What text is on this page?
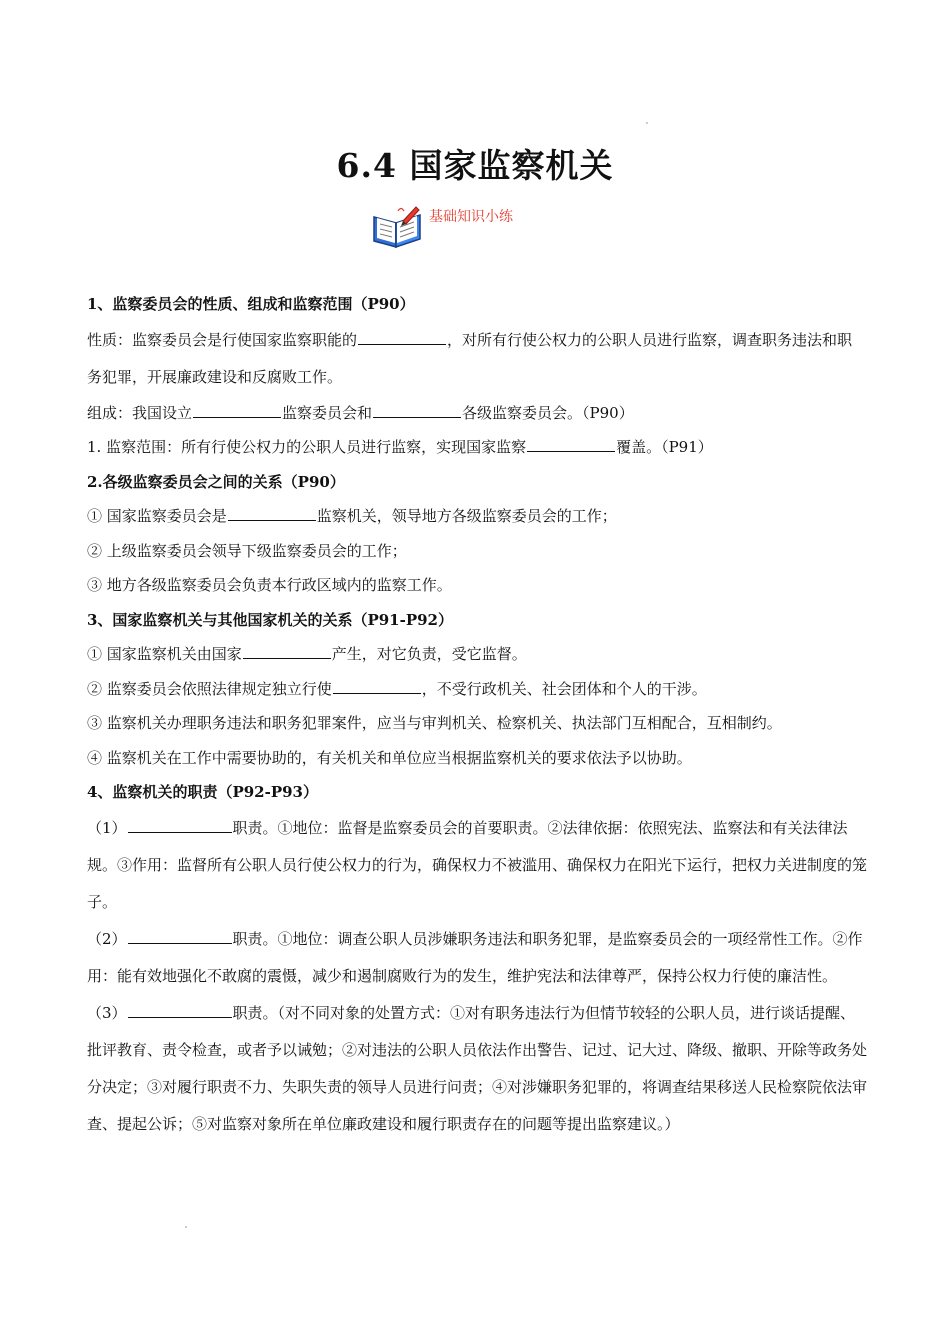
6.4 国家监察机关
基础知识小练
1、监察委员会的性质、组成和监察范围（P90）
性质：监察委员会是行使国家监察职能的	，对所有行使公权力的公职人员进行监察，调查职务违法和职务犯罪，开展廉政建设和反腐败工作。
组成：我国设立	监察委员会和	各级监察委员会。（P90）
1. 监察范围：所有行使公权力的公职人员进行监察，实现国家监察	覆盖。（P91）
2.各级监察委员会之间的关系（P90）
① 国家监察委员会是	监察机关，领导地方各级监察委员会的工作；
② 上级监察委员会领导下级监察委员会的工作；
③ 地方各级监察委员会负责本行政区域内的监察工作。
3、国家监察机关与其他国家机关的关系（P91-P92）
① 国家监察机关由国家	产生，对它负责，受它监督。
② 监察委员会依照法律规定独立行使	，不受行政机关、社会团体和个人的干涉。
③ 监察机关办理职务违法和职务犯罪案件，应当与审判机关、检察机关、执法部门互相配合，互相制约。
④ 监察机关在工作中需要协助的，有关机关和单位应当根据监察机关的要求依法予以协助。
4、监察机关的职责（P92-P93）
（1）	职责。①地位：监督是监察委员会的首要职责。②法律依据：依照宪法、监察法和有关法律法规。③作用：监督所有公职人员行使公权力的行为，确保权力不被滥用、确保权力在阳光下运行，把权力关进制度的笼子。
（2）	职责。①地位：调查公职人员涉嫌职务违法和职务犯罪，是监察委员会的一项经常性工作。②作用：能有效地强化不敢腐的震慑，减少和遏制腐败行为的发生，维护宪法和法律尊严，保持公权力行使的廉洁性。
（3）	职责。（对不同对象的处置方式：①对有职务违法行为但情节较轻的公职人员，进行谈话提醒、批评教育、责令检查，或者予以诫勉；②对违法的公职人员依法作出警告、记过、记大过、降级、撤职、开除等政务处分决定；③对履行职责不力、失职失责的领导人员进行问责；④对涉嫌职务犯罪的，将调查结果移送人民检察院依法审查、提起公诉；⑤对监察对象所在单位廉政建设和履行职责存在的问题等提出监察建议。）
